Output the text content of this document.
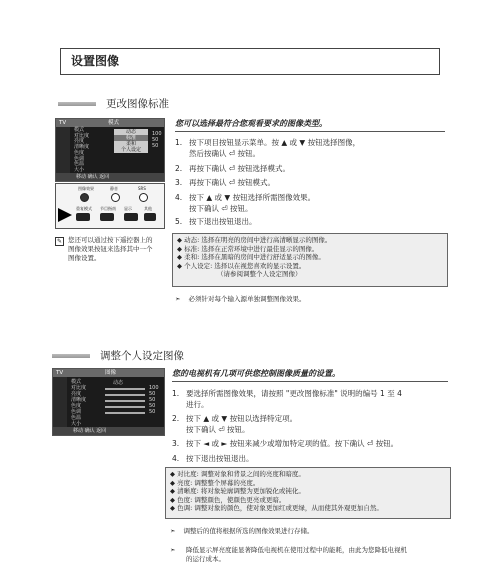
设置图像
更改图像标准
TV	模式
模式
对比度
亮度
清晰度
色度
色调
色温
大小
动态
标准
柔和
个人设定
100
50
50
移动 确认 返回
图像效果	静音	SRS
重复模式 节目指南 显示	其他
✎ 您还可以通过按下遥控器上的
图像效果按钮来选择其中一个
图像设置。
您可以选择最符合您观看要求的图像类型。
1. 按下项目按钮显示菜单。按 ▲ 或 ▼ 按钮选择图像，
然后按确认 ⏎ 按钮。
2. 再按下确认 ⏎ 按钮选择模式。
3. 再按下确认 ⏎ 按钮模式。
4. 按下 ▲ 或 ▼ 按钮选择所需图像效果。
按下确认 ⏎ 按钮。
5. 按下退出按钮退出。
◆ 动态: 选择在明亮的房间中进行高清晰显示的图像。
◆ 标准: 选择在正常环境中进行最佳显示的图像。
◆ 柔和: 选择在黑暗的房间中进行舒适显示的图像。
◆ 个人设定: 选择以在视您喜欢的显示设置。
（请参阅调整个人设定图像）
➣ 必须针对每个输入源单独调整图像效果。
调整个人设定图像
TV	图像
模式
对比度
亮度
清晰度
色度
色调
色温
大小
动态
100
50
50
50
50
移动 确认 返回
您的电视机有几项可供您控制图像质量的设置。
1. 要选择所需图像效果，请按照 "更改图像标准" 说明的编号 1 至 4
进行。
2. 按下 ▲ 或 ▼ 按钮以选择特定项。
按下确认 ⏎ 按钮。
3. 按下 ◄ 或 ► 按钮来减少或增加特定项的值。按下确认 ⏎ 按钮。
4. 按下退出按钮退出。
◆ 对比度: 调整对象和背景之间的亮度和暗度。
◆ 亮度: 调整整个屏幕的亮度。
◆ 清晰度: 将对象轮廓调整为更加锐化或钝化。
◆ 色度: 调整颜色，使颜色更亮或更暗。
◆ 色调: 调整对象的颜色，使对象更加红或更绿，从而使其外观更加自然。
➣ 调整后的值将根据所选的图像效果进行存储。
➣ 降低显示屏亮度能显著降低电视机在使用过程中的能耗，由此为您降低电视机
的运行成本。
